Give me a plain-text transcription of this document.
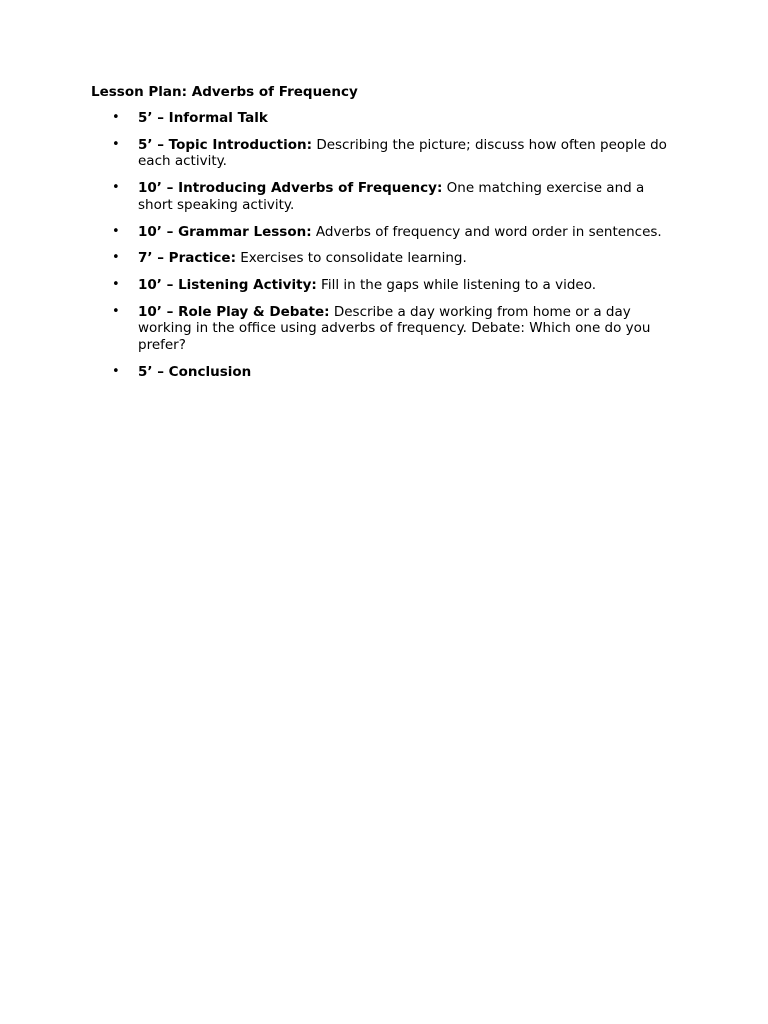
Lesson Plan: Adverbs of Frequency
• 5’ – Informal Talk
• 5’ – Topic Introduction: Describing the picture; discuss how often people do each activity.
• 10’ – Introducing Adverbs of Frequency: One matching exercise and a short speaking activity.
• 10’ – Grammar Lesson: Adverbs of frequency and word order in sentences.
• 7’ – Practice: Exercises to consolidate learning.
• 10’ – Listening Activity: Fill in the gaps while listening to a video.
• 10’ – Role Play & Debate: Describe a day working from home or a day working in the office using adverbs of frequency. Debate: Which one do you prefer?
• 5’ – Conclusion
